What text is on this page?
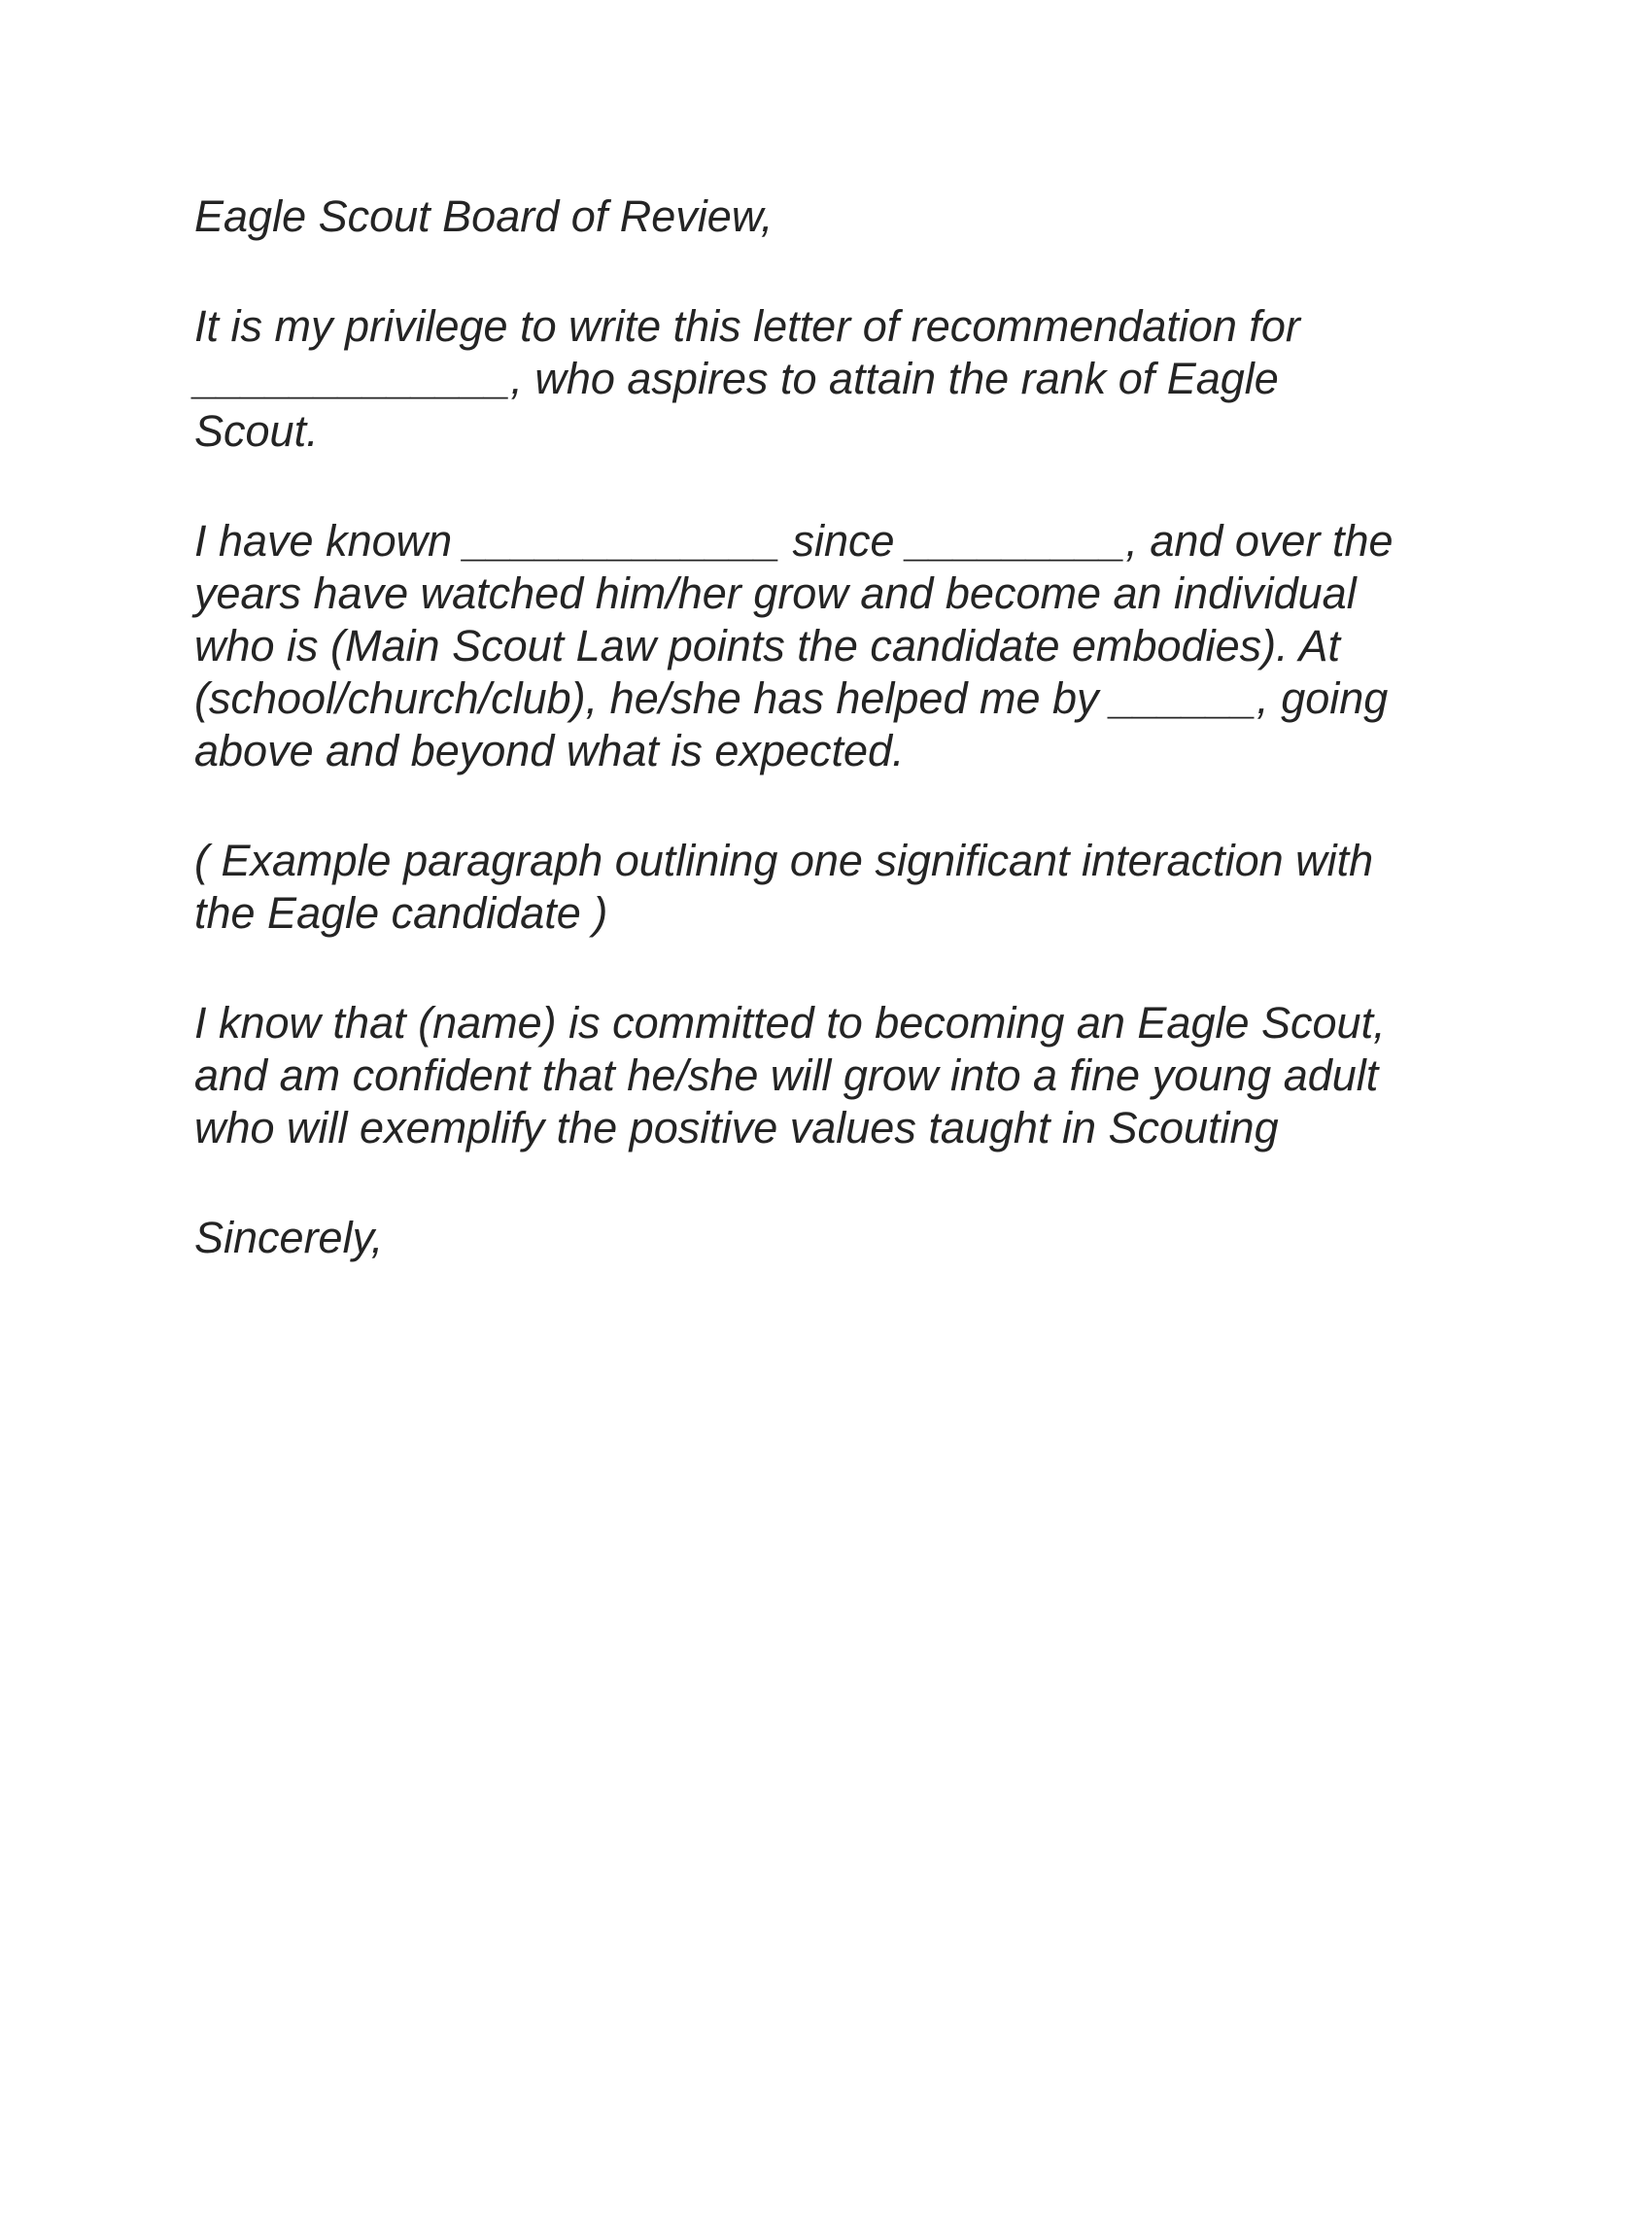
Eagle Scout Board of Review,

It is my privilege to write this letter of recommendation for
_____________, who aspires to attain the rank of Eagle
Scout.

I have known _____________ since _________, and over the
years have watched him/her grow and become an individual
who is (Main Scout Law points the candidate embodies). At
(school/church/club), he/she has helped me by ______, going
above and beyond what is expected.

( Example paragraph outlining one significant interaction with
the Eagle candidate )

I know that (name) is committed to becoming an Eagle Scout,
and am confident that he/she will grow into a fine young adult
who will exemplify the positive values taught in Scouting

Sincerely,
